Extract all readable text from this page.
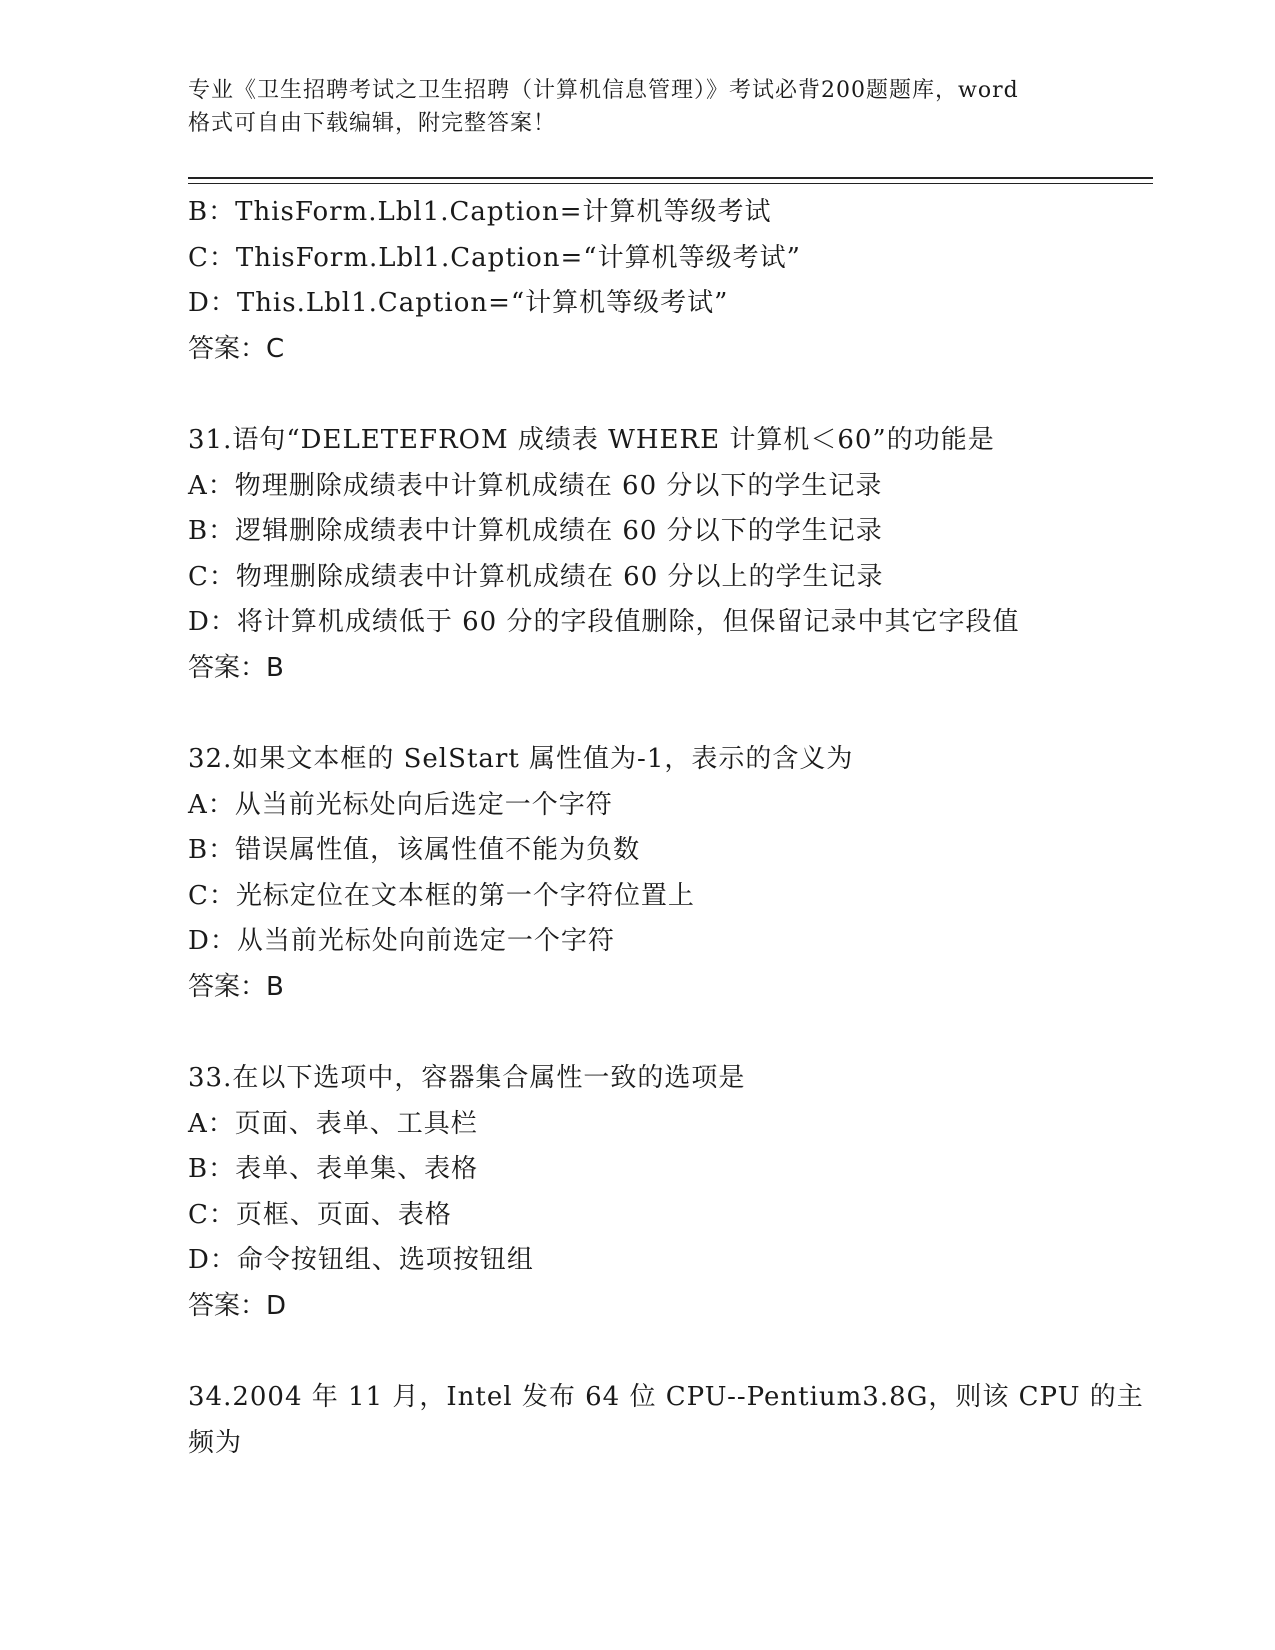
专业《卫生招聘考试之卫生招聘（计算机信息管理）》考试必背200题题库，word
格式可自由下载编辑，附完整答案！
B：ThisForm.Lbl1.Caption=计算机等级考试
C：ThisForm.Lbl1.Caption=“计算机等级考试”
D：This.Lbl1.Caption=“计算机等级考试”
答案：C
31.语句“DELETEFROM 成绩表 WHERE 计算机＜60”的功能是
A：物理删除成绩表中计算机成绩在 60 分以下的学生记录
B：逻辑删除成绩表中计算机成绩在 60 分以下的学生记录
C：物理删除成绩表中计算机成绩在 60 分以上的学生记录
D：将计算机成绩低于 60 分的字段值删除，但保留记录中其它字段值
答案：B
32.如果文本框的 SelStart 属性值为-1，表示的含义为
A：从当前光标处向后选定一个字符
B：错误属性值，该属性值不能为负数
C：光标定位在文本框的第一个字符位置上
D：从当前光标处向前选定一个字符
答案：B
33.在以下选项中，容器集合属性一致的选项是
A：页面、表单、工具栏
B：表单、表单集、表格
C：页框、页面、表格
D：命令按钮组、选项按钮组
答案：D
34.2004 年 11 月，Intel 发布 64 位 CPU--Pentium3.8G，则该 CPU 的主
频为
